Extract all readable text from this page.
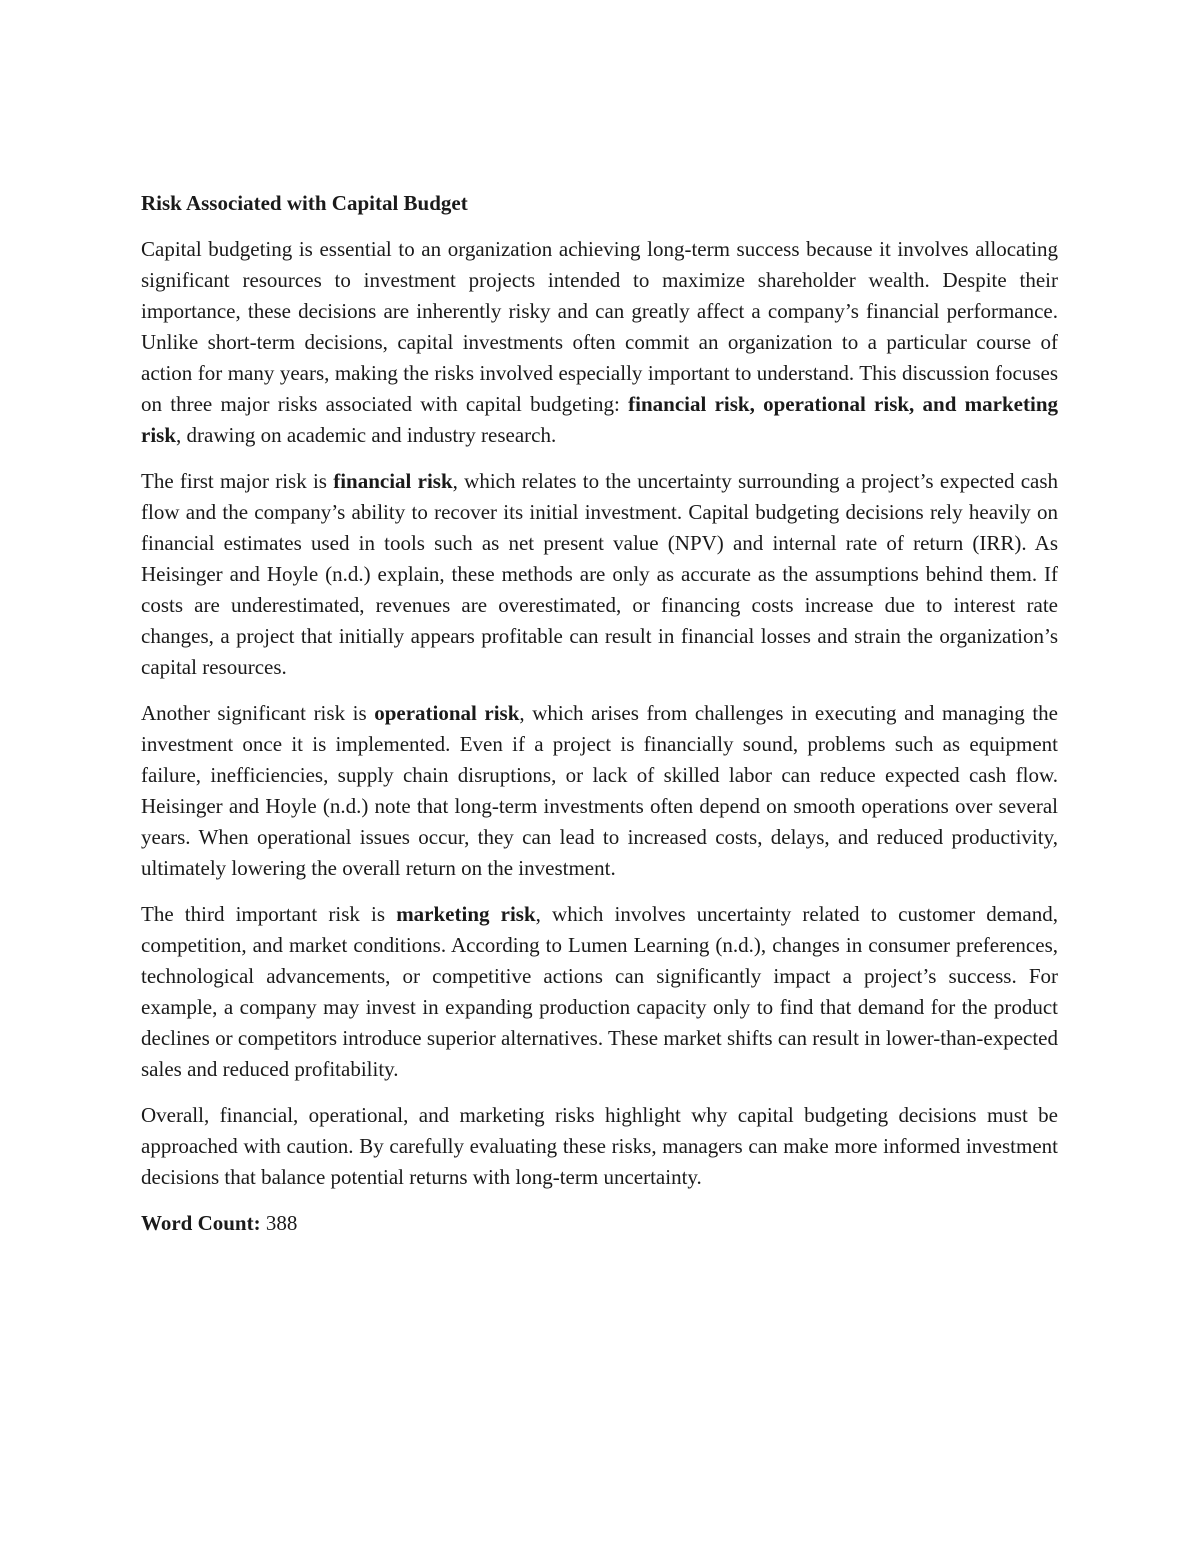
Risk Associated with Capital Budget

Capital budgeting is essential to an organization achieving long-term success because it involves allocating significant resources to investment projects intended to maximize shareholder wealth. Despite their importance, these decisions are inherently risky and can greatly affect a company’s financial performance. Unlike short-term decisions, capital investments often commit an organization to a particular course of action for many years, making the risks involved especially important to understand. This discussion focuses on three major risks associated with capital budgeting: financial risk, operational risk, and marketing risk, drawing on academic and industry research.

The first major risk is financial risk, which relates to the uncertainty surrounding a project’s expected cash flow and the company’s ability to recover its initial investment. Capital budgeting decisions rely heavily on financial estimates used in tools such as net present value (NPV) and internal rate of return (IRR). As Heisinger and Hoyle (n.d.) explain, these methods are only as accurate as the assumptions behind them. If costs are underestimated, revenues are overestimated, or financing costs increase due to interest rate changes, a project that initially appears profitable can result in financial losses and strain the organization’s capital resources.

Another significant risk is operational risk, which arises from challenges in executing and managing the investment once it is implemented. Even if a project is financially sound, problems such as equipment failure, inefficiencies, supply chain disruptions, or lack of skilled labor can reduce expected cash flow. Heisinger and Hoyle (n.d.) note that long-term investments often depend on smooth operations over several years. When operational issues occur, they can lead to increased costs, delays, and reduced productivity, ultimately lowering the overall return on the investment.

The third important risk is marketing risk, which involves uncertainty related to customer demand, competition, and market conditions. According to Lumen Learning (n.d.), changes in consumer preferences, technological advancements, or competitive actions can significantly impact a project’s success. For example, a company may invest in expanding production capacity only to find that demand for the product declines or competitors introduce superior alternatives. These market shifts can result in lower-than-expected sales and reduced profitability.

Overall, financial, operational, and marketing risks highlight why capital budgeting decisions must be approached with caution. By carefully evaluating these risks, managers can make more informed investment decisions that balance potential returns with long-term uncertainty.

Word Count: 388
